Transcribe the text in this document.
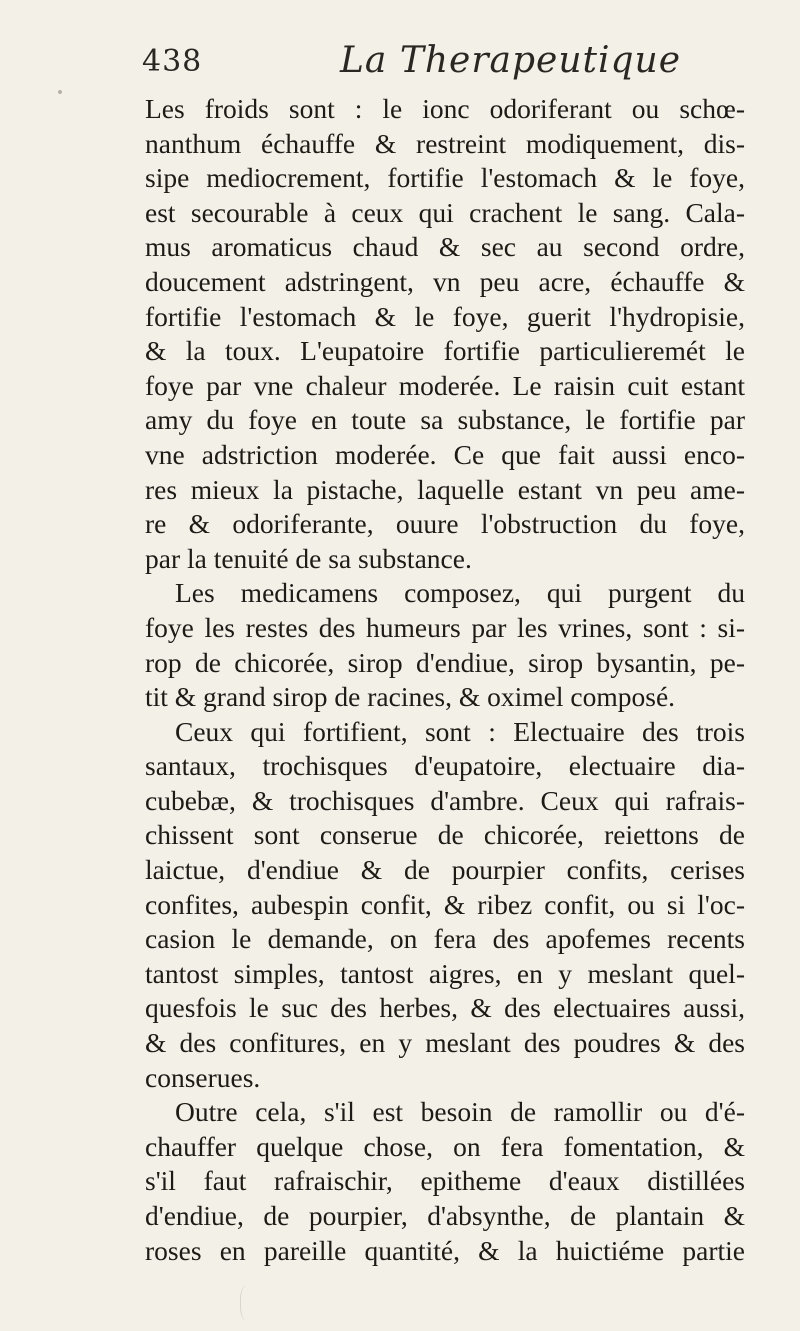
438	La Therapeutique
Les froids sont : le ionc odoriferant ou schœ-
nanthum échauffe & restreint modiquement, dis-
sipe mediocrement, fortifie l'estomach & le foye,
est secourable à ceux qui crachent le sang. Cala-
mus aromaticus chaud & sec au second ordre,
doucement adstringent, vn peu acre, échauffe &
fortifie l'estomach & le foye, guerit l'hydropisie,
& la toux. L'eupatoire fortifie particulieremét le
foye par vne chaleur moderée. Le raisin cuit estant
amy du foye en toute sa substance, le fortifie par
vne adstriction moderée. Ce que fait aussi enco-
res mieux la pistache, laquelle estant vn peu ame-
re & odoriferante, ouure l'obstruction du foye,
par la tenuité de sa substance.
Les medicamens composez, qui purgent du
foye les restes des humeurs par les vrines, sont : si-
rop de chicorée, sirop d'endiue, sirop bysantin, pe-
tit & grand sirop de racines, & oximel composé.
Ceux qui fortifient, sont : Electuaire des trois
santaux, trochisques d'eupatoire, electuaire dia-
cubebæ, & trochisques d'ambre. Ceux qui rafrais-
chissent sont conserue de chicorée, reiettons de
laictue, d'endiue & de pourpier confits, cerises
confites, aubespin confit, & ribez confit, ou si l'oc-
casion le demande, on fera des apofemes recents
tantost simples, tantost aigres, en y meslant quel-
quesfois le suc des herbes, & des electuaires aussi,
& des confitures, en y meslant des poudres & des
conserues.
Outre cela, s'il est besoin de ramollir ou d'é-
chauffer quelque chose, on fera fomentation, &
s'il faut rafraischir, epitheme d'eaux distillées
d'endiue, de pourpier, d'absynthe, de plantain &
roses en pareille quantité, & la huictiéme partie
